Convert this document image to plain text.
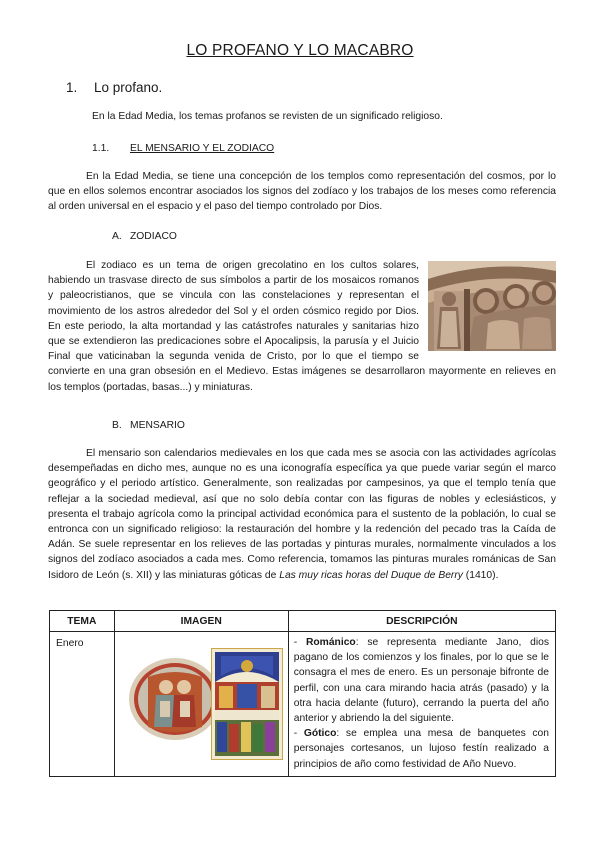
LO PROFANO Y LO MACABRO
1. Lo profano.
En la Edad Media, los temas profanos se revisten de un significado religioso.
1.1. EL MENSARIO Y EL ZODIACO

En la Edad Media, se tiene una concepción de los templos como representación del cosmos, por lo que en ellos solemos encontrar asociados los signos del zodíaco y los trabajos de los meses como referencia al orden universal en el espacio y el paso del tiempo controlado por Dios.

A. ZODIACO

El zodiaco es un tema de origen grecolatino en los cultos solares, habiendo un trasvase directo de sus símbolos a partir de los mosaicos romanos y paleocristianos, que se vincula con las constelaciones y representan el movimiento de los astros alrededor del Sol y el orden cósmico regido por Dios. En este periodo, la alta mortandad y las catástrofes naturales y sanitarias hizo que se extendieron las predicaciones sobre el Apocalipsis, la parusía y el Juicio Final que vaticinaban la segunda venida de Cristo, por lo que el tiempo se convierte en una gran obsesión en el Medievo. Estas imágenes se desarrollaron mayormente en relieves en los templos (portadas, basas...) y miniaturas.

B. MENSARIO

El mensario son calendarios medievales en los que cada mes se asocia con las actividades agrícolas desempeñadas en dicho mes, aunque no es una iconografía específica ya que puede variar según el marco geográfico y el periodo artístico. Generalmente, son realizadas por campesinos, ya que el templo tenía que reflejar a la sociedad medieval, así que no solo debía contar con las figuras de nobles y eclesiásticos, y presenta el trabajo agrícola como la principal actividad económica para el sustento de la población, lo cual se entronca con un significado religioso: la restauración del hombre y la redención del pecado tras la Caída de Adán. Se suele representar en los relieves de las portadas y pinturas murales, normalmente vinculados a los signos del zodíaco asociados a cada mes. Como referencia, tomamos las pinturas murales románicas de San Isidoro de León (s. XII) y las miniaturas góticas de Las muy ricas horas del Duque de Berry (1410).

TEMA	IMAGEN	DESCRIPCIÓN
Enero		- Románico: se representa mediante Jano, dios pagano de los comienzos y los finales, por lo que se le consagra el mes de enero. Es un personaje bifronte de perfil, con una cara mirando hacia atrás (pasado) y la otra hacia delante (futuro), cerrando la puerta del año anterior y abriendo la del siguiente.
- Gótico: se emplea una mesa de banquetes con personajes cortesanos, un lujoso festín realizado a principios de año como festividad de Año Nuevo.
